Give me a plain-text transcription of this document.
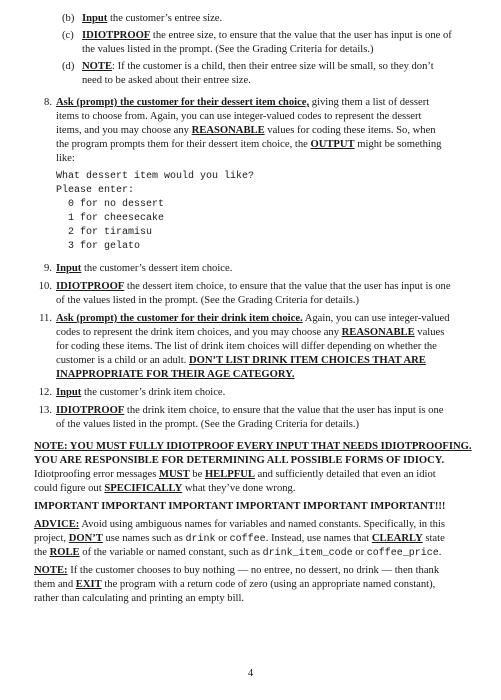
(b) Input the customer’s entree size.
(c) IDIOTPROOF the entree size, to ensure that the value that the user has input is one of
the values listed in the prompt. (See the Grading Criteria for details.)
(d) NOTE: If the customer is a child, then their entree size will be small, so they don’t
need to be asked about their entree size.
8. Ask (prompt) the customer for their dessert item choice, giving them a list of dessert
items to choose from. Again, you can use integer-valued codes to represent the dessert
items, and you may choose any REASONABLE values for coding these items. So, when
the program prompts them for their dessert item choice, the OUTPUT might be something
like:
What dessert item would you like?
Please enter:
0 for no dessert
1 for cheesecake
2 for tiramisu
3 for gelato
9. Input the customer’s dessert item choice.
10. IDIOTPROOF the dessert item choice, to ensure that the value that the user has input is one
of the values listed in the prompt. (See the Grading Criteria for details.)
11. Ask (prompt) the customer for their drink item choice. Again, you can use integer-valued
codes to represent the drink item choices, and you may choose any REASONABLE values
for coding these items. The list of drink item choices will differ depending on whether the
customer is a child or an adult. DON’T LIST DRINK ITEM CHOICES THAT ARE
INAPPROPRIATE FOR THEIR AGE CATEGORY.
12. Input the customer’s drink item choice.
13. IDIOTPROOF the drink item choice, to ensure that the value that the user has input is one
of the values listed in the prompt. (See the Grading Criteria for details.)
NOTE: YOU MUST FULLY IDIOTPROOF EVERY INPUT THAT NEEDS IDIOTPROOFING.
YOU ARE RESPONSIBLE FOR DETERMINING ALL POSSIBLE FORMS OF IDIOCY.
Idiotproofing error messages MUST be HELPFUL and sufficiently detailed that even an idiot
could figure out SPECIFICALLY what they’ve done wrong.
IMPORTANT IMPORTANT IMPORTANT IMPORTANT IMPORTANT IMPORTANT!!!
ADVICE: Avoid using ambiguous names for variables and named constants. Specifically, in this
project, DON’T use names such as drink or coffee. Instead, use names that CLEARLY state
the ROLE of the variable or named constant, such as drink_item_code or coffee_price.
NOTE: If the customer chooses to buy nothing — no entree, no dessert, no drink — then thank
them and EXIT the program with a return code of zero (using an appropriate named constant),
rather than calculating and printing an empty bill.
4
